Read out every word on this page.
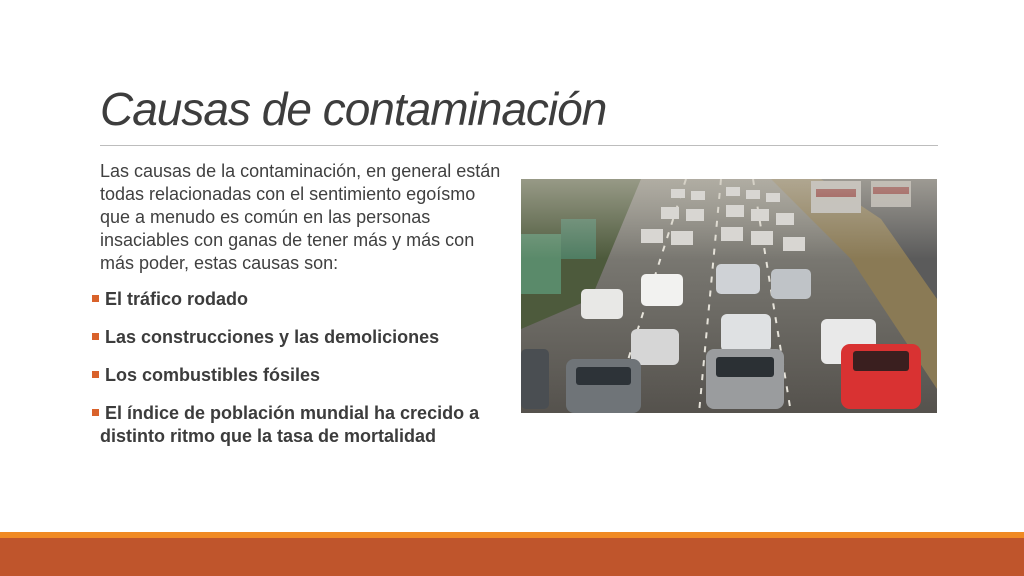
Causas de contaminación
Las causas de la contaminación, en general están todas relacionadas con el sentimiento egoísmo que a menudo es común en las personas insaciables con ganas de tener más y más con más poder, estas causas son:
El tráfico rodado
Las construcciones y las demoliciones
Los combustibles fósiles
El índice de población mundial ha crecido a
distinto ritmo que la tasa de mortalidad
